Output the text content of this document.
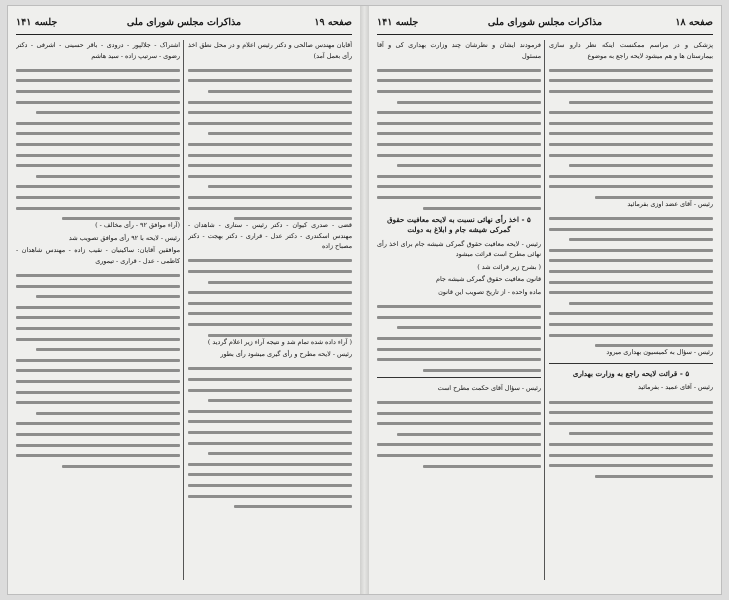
صفحه ۱۹
مذاکرات مجلس شورای ملی
جلسه ۱۴۱

آقایان مهندس صالحی و دکتر رئیس اعلام و در محل نطق اخذ رأی بعمل آمد)

قضی - صدری کیوان - دکتر رئیس - ستاری - شاهدان - مهندس اسکندری - دکتر عدل - قراری - دکتر بهجت - دکتر مصباح زاده

( آراء داده شده تمام شد و نتیجه آراء زیر اعلام گردید )

رئیس - لایحه مطرح و رأی گیری میشود رأی بطور

اشتراک - جلالپور - درودی - باقر حسینی - اشرفی - دکتر رضوی - سرتیپ زاده - سید هاشم

(آراء موافق ۹۲ - رأی مخالف - )

رئیس - لایحه با ۹۲ رأی موافق تصویب شد

موافقین آقایان: ساکینیان - نقیب زاده - مهندس شاهدان - کاظمی - عدل - قراری - تیموری

صفحه ۱۸
مذاکرات مجلس شورای ملی
جلسه ۱۴۱

پزشکی و در مراسم ممکنست اینکه نظر دارو سازی بیمارستان ها و هم میشود لایحه راجع به موضوع

رئیس - آقای عضد اوزی بفرمائید

رئیس - سؤال به کمیسیون بهداری میرود

۵ - قرائت لایحه راجع به وزارت بهداری

رئیس - آقای عمید - بفرمائید

فرمودند ایشان و نظرشان چند وزارت بهداری کی و آقا مسئول

۵ - اخذ رأی نهائی نسبت به لایحه معافیت حقوق گمرکی شیشه جام و ابلاغ به دولت

رئیس - لایحه معافیت حقوق گمرکی شیشه جام برای اخذ رأی نهائی مطرح است قرائت میشود

( بشرح زیر قرائت شد )

قانون معافیت حقوق گمرکی شیشه جام

ماده واحده - از تاریخ تصویب این قانون

رئیس - سؤال آقای حکمت مطرح است
